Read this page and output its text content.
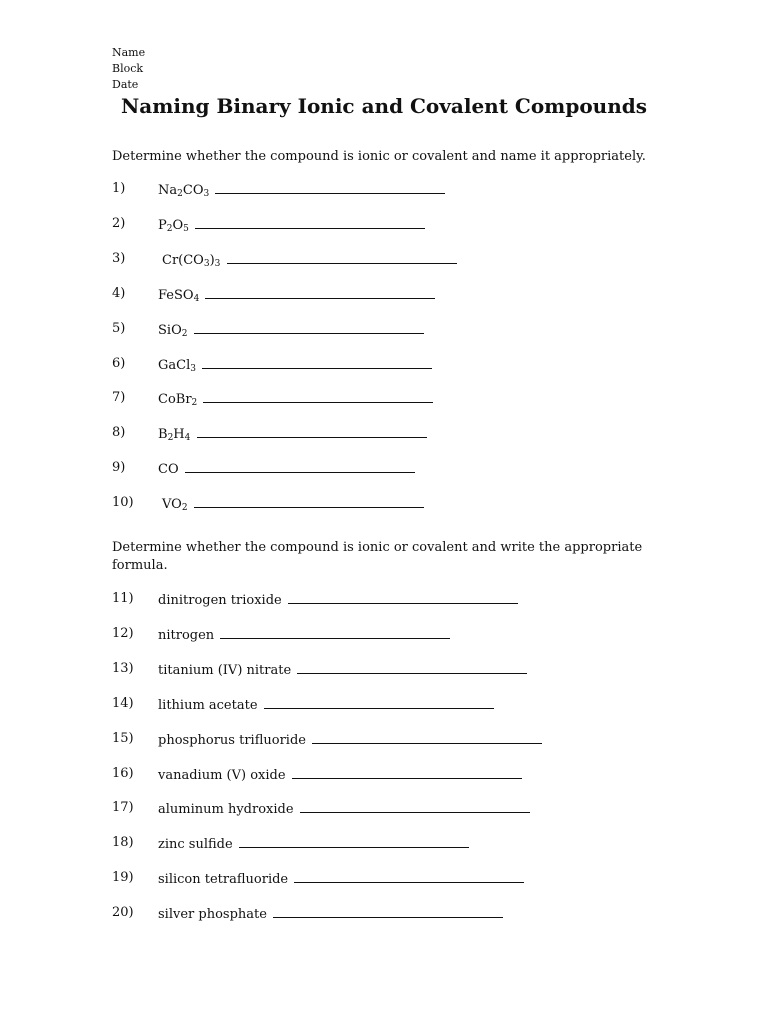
Name
Block
Date
Naming Binary Ionic and Covalent Compounds
Determine whether the compound is ionic or covalent and name it appropriately.
1)	$Na_2CO_3$
2)	$P_2O_5$
3)	$Cr(CO_3)_3$
4)	FeSO$_4$
5)	SiO$_2$
6)	GaCl$_3$
7)	CoBr$_2$
8)	$B_2H_4$
9)	CO
10) $VO_2$
Determine whether the compound is ionic or covalent and write the appropriate formula.
11) dinitrogen trioxide
12) nitrogen
13) titanium (IV) nitrate
14) lithium acetate
15) phosphorus trifluoride
16) vanadium (V) oxide
17) aluminum hydroxide
18) zinc sulfide
19) silicon tetrafluoride
20) silver phosphate
